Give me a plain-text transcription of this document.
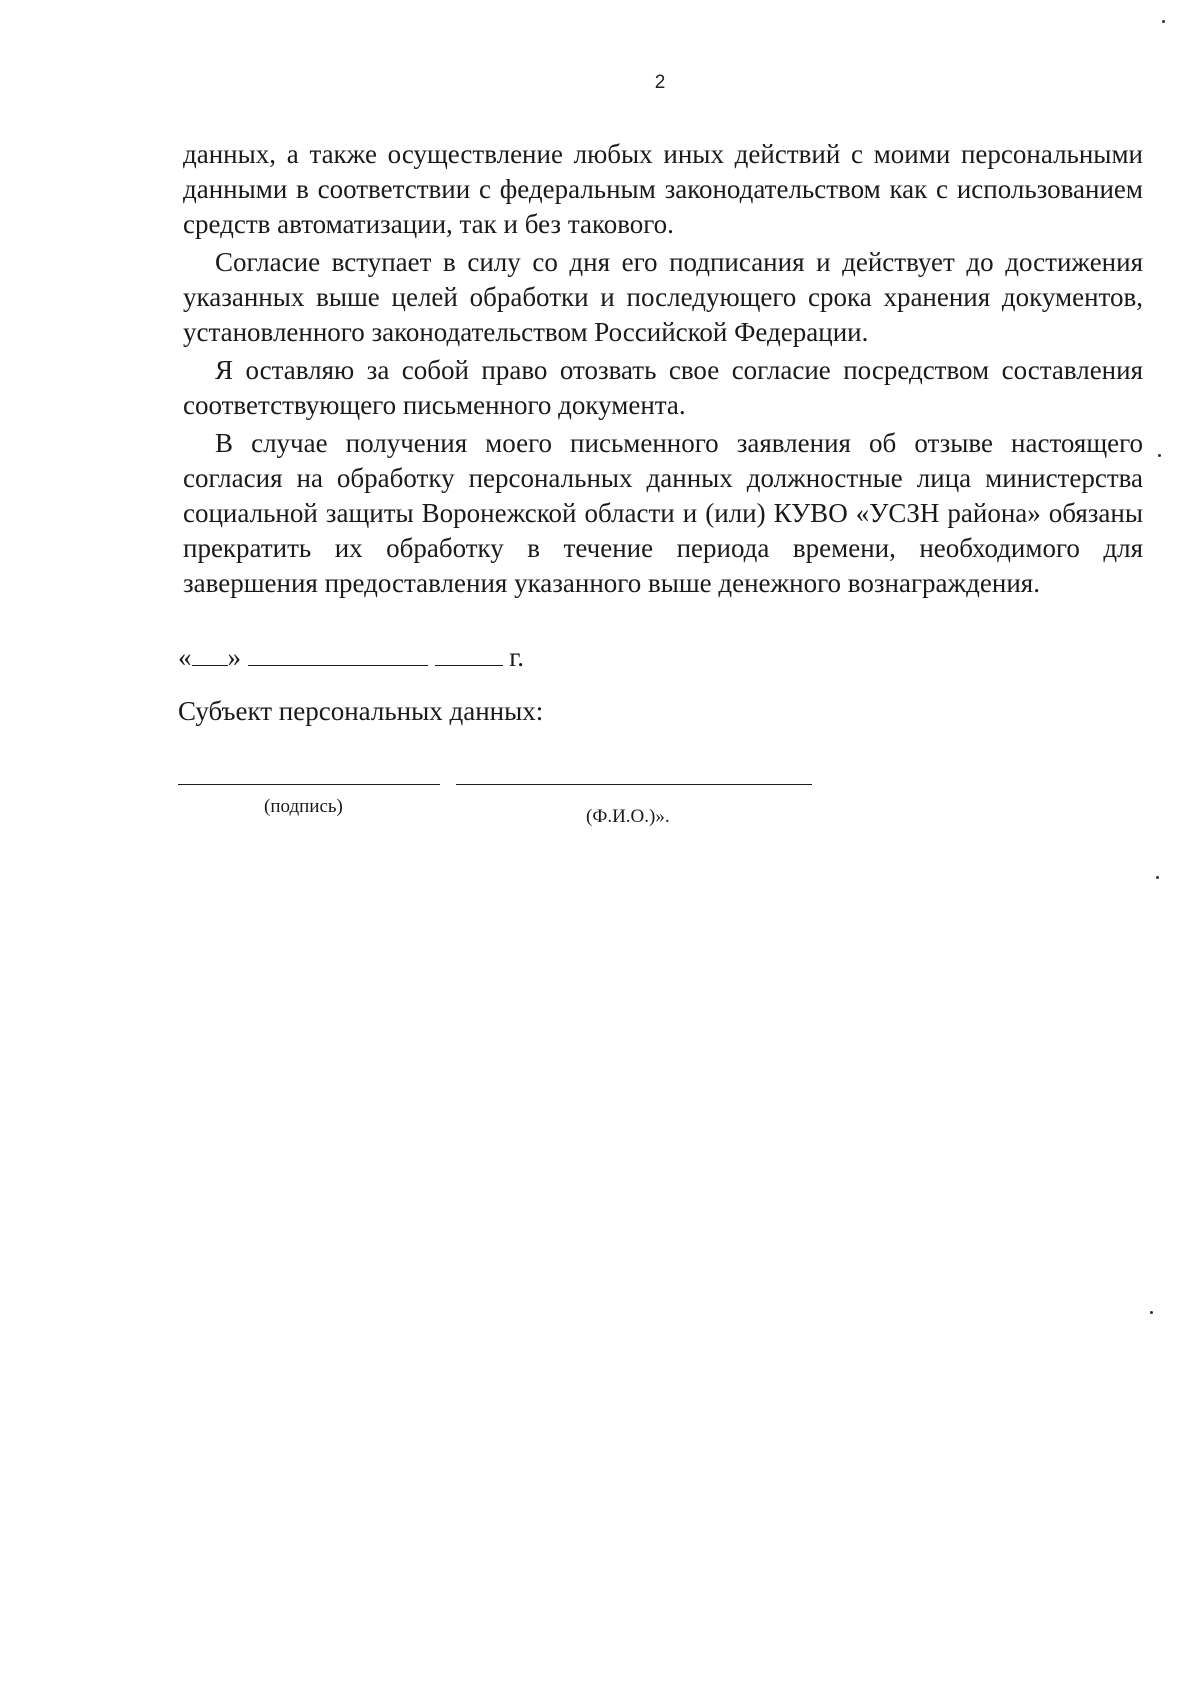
2

данных, а также осуществление любых иных действий с моими персональными данными в соответствии с федеральным законодательством как с использованием средств автоматизации, так и без такового.

Согласие вступает в силу со дня его подписания и действует до достижения указанных выше целей обработки и последующего срока хранения документов, установленного законодательством Российской Федерации.

Я оставляю за собой право отозвать свое согласие посредством составления соответствующего письменного документа.

В случае получения моего письменного заявления об отзыве настоящего согласия на обработку персональных данных должностные лица министерства социальной защиты Воронежской области и (или) КУВО «УСЗН района» обязаны прекратить их обработку в течение периода времени, необходимого для завершения предоставления указанного выше денежного вознаграждения.

« »	г.
Субъект персональных данных:
(подпись)	(Ф.И.О.)».
